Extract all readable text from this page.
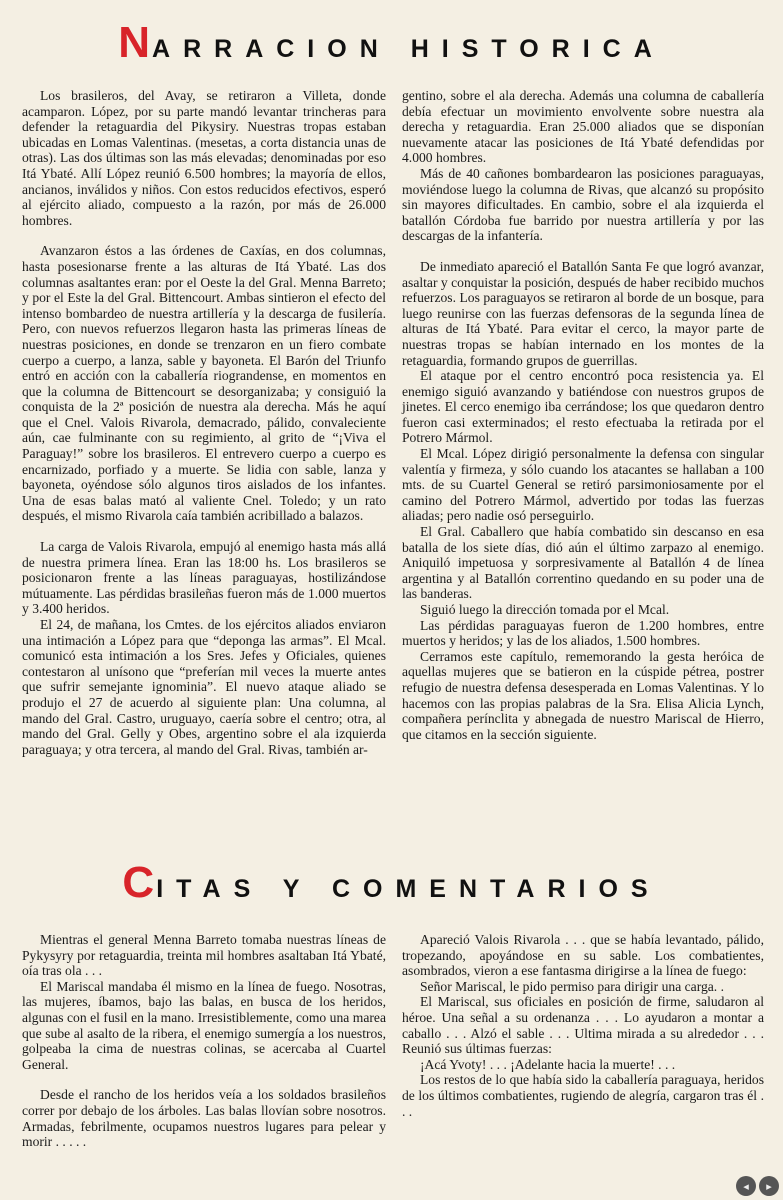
NARRACION HISTORICA

Los brasileros, del Avay, se retiraron a Villeta, donde acamparon. López, por su parte mandó levantar trincheras para defender la retaguardia del Pikysiry. Nuestras tropas estaban ubicadas en Lomas Valentinas. (mesetas, a corta distancia unas de otras). Las dos últimas son las más elevadas; denominadas por eso Itá Ybaté. Allí López reunió 6.500 hombres; la mayoría de ellos, ancianos, inválidos y niños. Con estos reducidos efectivos, esperó al ejército aliado, compuesto a la razón, por más de 26.000 hombres.

Avanzaron éstos a las órdenes de Caxías, en dos columnas, hasta posesionarse frente a las alturas de Itá Ybaté. Las dos columnas asaltantes eran: por el Oeste la del Gral. Menna Barreto; y por el Este la del Gral. Bittencourt. Ambas sintieron el efecto del intenso bombardeo de nuestra artillería y la descarga de fusilería. Pero, con nuevos refuerzos llegaron hasta las primeras líneas de nuestras posiciones, en donde se trenzaron en un fiero combate cuerpo a cuerpo, a lanza, sable y bayoneta. El Barón del Triunfo entró en acción con la caballería riograndense, en momentos en que la columna de Bittencourt se desorganizaba; y consiguió la conquista de la 2ª posición de nuestra ala derecha. Más he aquí que el Cnel. Valois Rivarola, demacrado, pálido, convaleciente aún, cae fulminante con su regimiento, al grito de “¡Viva el Paraguay!” sobre los brasileros. El entrevero cuerpo a cuerpo es encarnizado, porfiado y a muerte. Se lidia con sable, lanza y bayoneta, oyéndose sólo algunos tiros aislados de los infantes. Una de esas balas mató al valiente Cnel. Toledo; y un rato después, el mismo Rivarola caía también acribillado a balazos.

La carga de Valois Rivarola, empujó al enemigo hasta más allá de nuestra primera línea. Eran las 18:00 hs. Los brasileros se posicionaron frente a las líneas paraguayas, hostilizándose mútuamente. Las pérdidas brasileñas fueron más de 1.000 muertos y 3.400 heridos.

El 24, de mañana, los Cmtes. de los ejércitos aliados enviaron una intimación a López para que “deponga las armas”. El Mcal. comunicó esta intimación a los Sres. Jefes y Oficiales, quienes contestaron al unísono que “preferían mil veces la muerte antes que sufrir semejante ignominia”. El nuevo ataque aliado se produjo el 27 de acuerdo al siguiente plan: Una columna, al mando del Gral. Castro, uruguayo, caería sobre el centro; otra, al mando del Gral. Gelly y Obes, argentino sobre el ala izquierda paraguaya; y otra tercera, al mando del Gral. Rivas, también ar-

gentino, sobre el ala derecha. Además una columna de caballería debía efectuar un movimiento envolvente sobre nuestra ala derecha y retaguardia. Eran 25.000 aliados que se disponían nuevamente atacar las posiciones de Itá Ybaté defendidas por 4.000 hombres.

Más de 40 cañones bombardearon las posiciones paraguayas, moviéndose luego la columna de Rivas, que alcanzó su propósito sin mayores dificultades. En cambio, sobre el ala izquierda el batallón Córdoba fue barrido por nuestra artillería y por las descargas de la infantería.

De inmediato apareció el Batallón Santa Fe que logró avanzar, asaltar y conquistar la posición, después de haber recibido muchos refuerzos. Los paraguayos se retiraron al borde de un bosque, para luego reunirse con las fuerzas defensoras de la segunda línea de alturas de Itá Ybaté. Para evitar el cerco, la mayor parte de nuestras tropas se habían internado en los montes de la retaguardia, formando grupos de guerrillas.

El ataque por el centro encontró poca resistencia ya. El enemigo siguió avanzando y batiéndose con nuestros grupos de jinetes. El cerco enemigo iba cerrándose; los que quedaron dentro fueron casi exterminados; el resto efectuaba la retirada por el Potrero Mármol.

El Mcal. López dirigió personalmente la defensa con singular valentía y firmeza, y sólo cuando los atacantes se hallaban a 100 mts. de su Cuartel General se retiró parsimoniosamente por el camino del Potrero Mármol, advertido por todas las fuerzas aliadas; pero nadie osó perseguirlo.

El Gral. Caballero que había combatido sin descanso en esa batalla de los siete días, dió aún el último zarpazo al enemigo. Aniquiló impetuosa y sorpresivamente al Batallón 4 de línea argentina y al Batallón correntino quedando en su poder una de las banderas.

Siguió luego la dirección tomada por el Mcal.

Las pérdidas paraguayas fueron de 1.200 hombres, entre muertos y heridos; y las de los aliados, 1.500 hombres.

Cerramos este capítulo, rememorando la gesta heróica de aquellas mujeres que se batieron en la cúspide pétrea, postrer refugio de nuestra defensa desesperada en Lomas Valentinas. Y lo hacemos con las propias palabras de la Sra. Elisa Alicia Lynch, compañera perínclita y abnegada de nuestro Mariscal de Hierro, que citamos en la sección siguiente.

CITAS Y COMENTARIOS

Mientras el general Menna Barreto tomaba nuestras líneas de Pykysyry por retaguardia, treinta mil hombres asaltaban Itá Ybaté, oía tras ola . . .

El Mariscal mandaba él mismo en la línea de fuego. Nosotras, las mujeres, íbamos, bajo las balas, en busca de los heridos, algunas con el fusil en la mano. Irresistiblemente, como una marea que sube al asalto de la ribera, el enemigo sumergía a los nuestros, golpeaba la cima de nuestras colinas, se acercaba al Cuartel General.

Desde el rancho de los heridos veía a los soldados brasileños correr por debajo de los árboles. Las balas llovían sobre nosotros. Armadas, febrilmente, ocupamos nuestros lugares para pelear y morir . . . . .

Apareció Valois Rivarola . . . que se había levantado, pálido, tropezando, apoyándose en su sable. Los combatientes, asombrados, vieron a ese fantasma dirigirse a la línea de fuego:

Señor Mariscal, le pido permiso para dirigir una carga. .

El Mariscal, sus oficiales en posición de firme, saludaron al héroe. Una señal a su ordenanza . . . Lo ayudaron a montar a caballo . . . Alzó el sable . . . Ultima mirada a su alrededor . . . Reunió sus últimas fuerzas:

¡Acá Yvoty! . . . ¡Adelante hacia la muerte! . . .

Los restos de lo que había sido la caballería paraguaya, heridos de los últimos combatientes, rugiendo de alegría, cargaron tras él . . .

◂	▸
